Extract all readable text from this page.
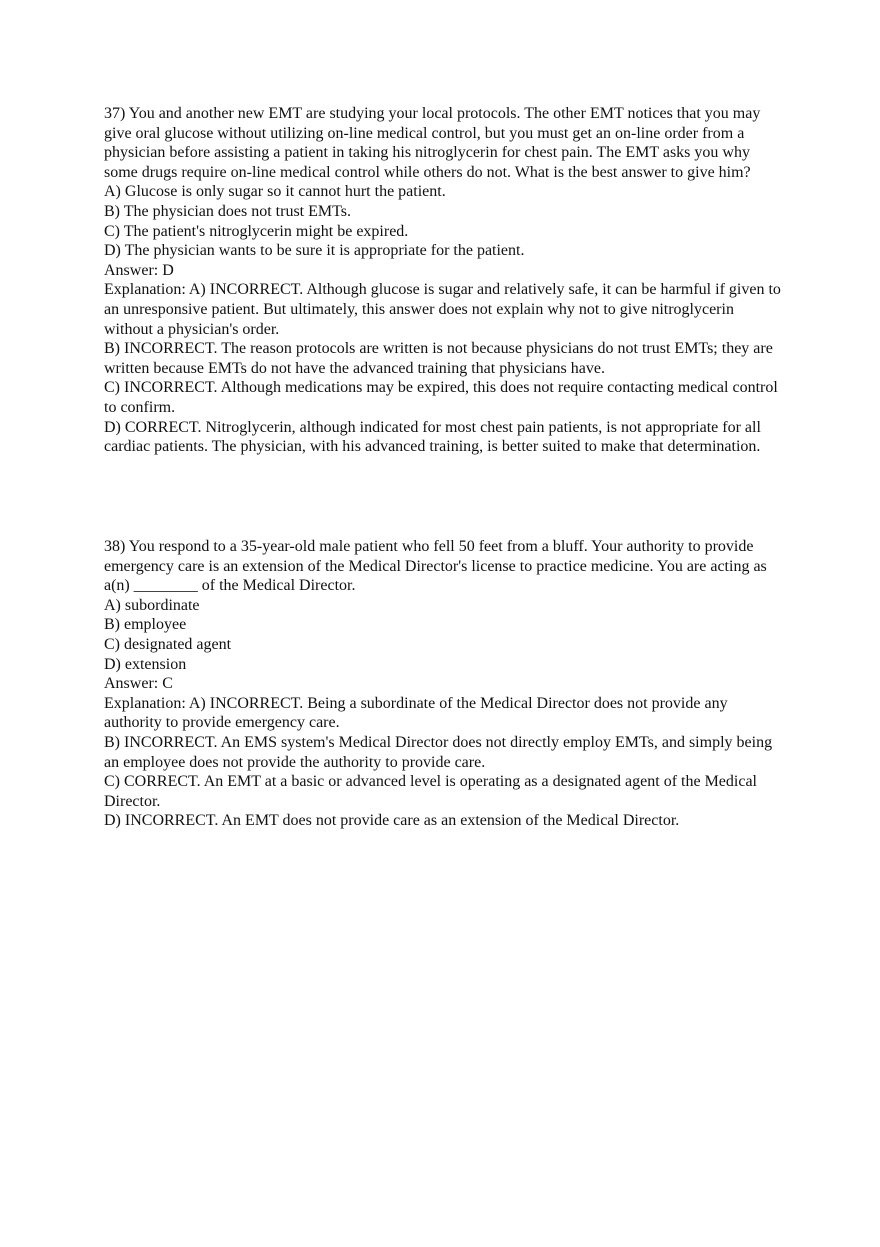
37) You and another new EMT are studying your local protocols. The other EMT notices that you may give oral glucose without utilizing on-line medical control, but you must get an on-line order from a physician before assisting a patient in taking his nitroglycerin for chest pain. The EMT asks you why some drugs require on-line medical control while others do not. What is the best answer to give him?
A) Glucose is only sugar so it cannot hurt the patient.
B) The physician does not trust EMTs.
C) The patient's nitroglycerin might be expired.
D) The physician wants to be sure it is appropriate for the patient.
Answer: D
Explanation: A) INCORRECT. Although glucose is sugar and relatively safe, it can be harmful if given to an unresponsive patient. But ultimately, this answer does not explain why not to give nitroglycerin without a physician's order.
B) INCORRECT. The reason protocols are written is not because physicians do not trust EMTs; they are written because EMTs do not have the advanced training that physicians have.
C) INCORRECT. Although medications may be expired, this does not require contacting medical control to confirm.
D) CORRECT. Nitroglycerin, although indicated for most chest pain patients, is not appropriate for all cardiac patients. The physician, with his advanced training, is better suited to make that determination.
38) You respond to a 35-year-old male patient who fell 50 feet from a bluff. Your authority to provide emergency care is an extension of the Medical Director's license to practice medicine. You are acting as a(n) ________ of the Medical Director.
A) subordinate
B) employee
C) designated agent
D) extension
Answer: C
Explanation: A) INCORRECT. Being a subordinate of the Medical Director does not provide any authority to provide emergency care.
B) INCORRECT. An EMS system's Medical Director does not directly employ EMTs, and simply being an employee does not provide the authority to provide care.
C) CORRECT. An EMT at a basic or advanced level is operating as a designated agent of the Medical Director.
D) INCORRECT. An EMT does not provide care as an extension of the Medical Director.
